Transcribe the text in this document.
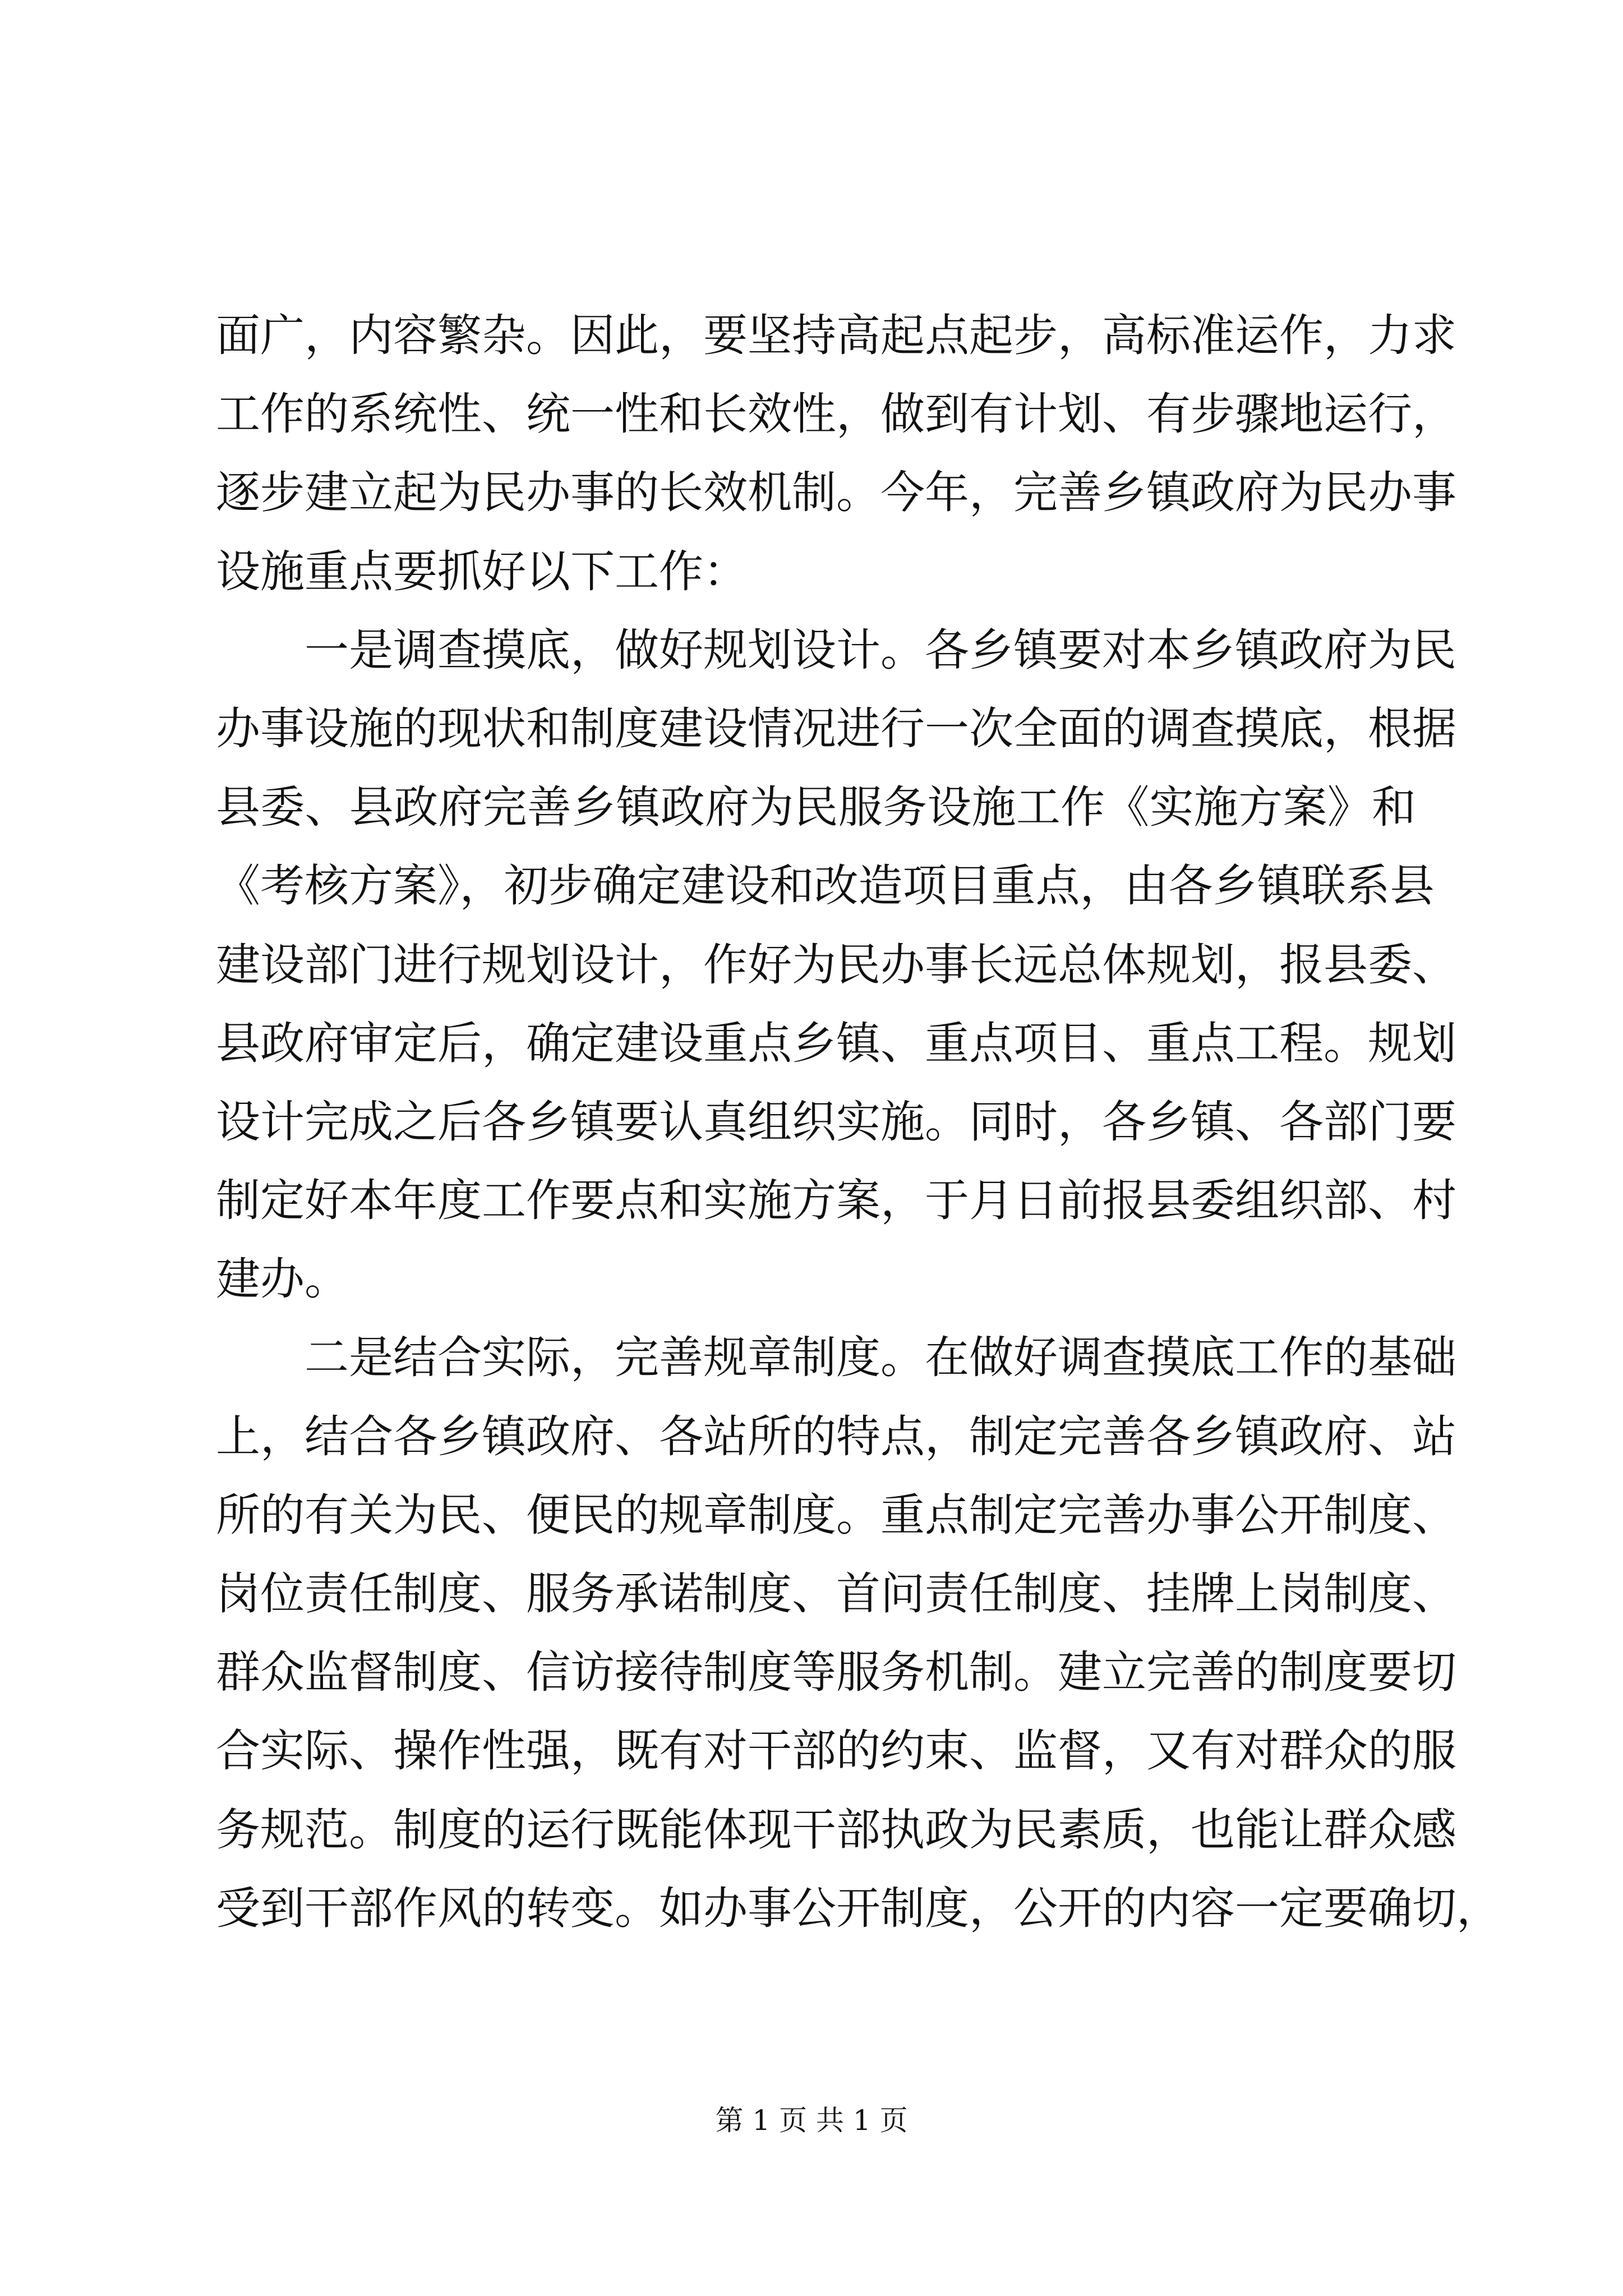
面广，内容繁杂。因此，要坚持高起点起步，高标准运作，力求
工作的系统性、统一性和长效性，做到有计划、有步骤地运行，
逐步建立起为民办事的长效机制。今年，完善乡镇政府为民办事
设施重点要抓好以下工作：
一是调查摸底，做好规划设计。各乡镇要对本乡镇政府为民
办事设施的现状和制度建设情况进行一次全面的调查摸底，根据
县委、县政府完善乡镇政府为民服务设施工作《实施方案》和
《考核方案》，初步确定建设和改造项目重点，由各乡镇联系县
建设部门进行规划设计，作好为民办事长远总体规划，报县委、
县政府审定后，确定建设重点乡镇、重点项目、重点工程。规划
设计完成之后各乡镇要认真组织实施。同时，各乡镇、各部门要
制定好本年度工作要点和实施方案，于月日前报县委组织部、村
建办。
二是结合实际，完善规章制度。在做好调查摸底工作的基础
上，结合各乡镇政府、各站所的特点，制定完善各乡镇政府、站
所的有关为民、便民的规章制度。重点制定完善办事公开制度、
岗位责任制度、服务承诺制度、首问责任制度、挂牌上岗制度、
群众监督制度、信访接待制度等服务机制。建立完善的制度要切
合实际、操作性强，既有对干部的约束、监督，又有对群众的服
务规范。制度的运行既能体现干部执政为民素质，也能让群众感
受到干部作风的转变。如办事公开制度，公开的内容一定要确切，
第 1 页 共 1 页
